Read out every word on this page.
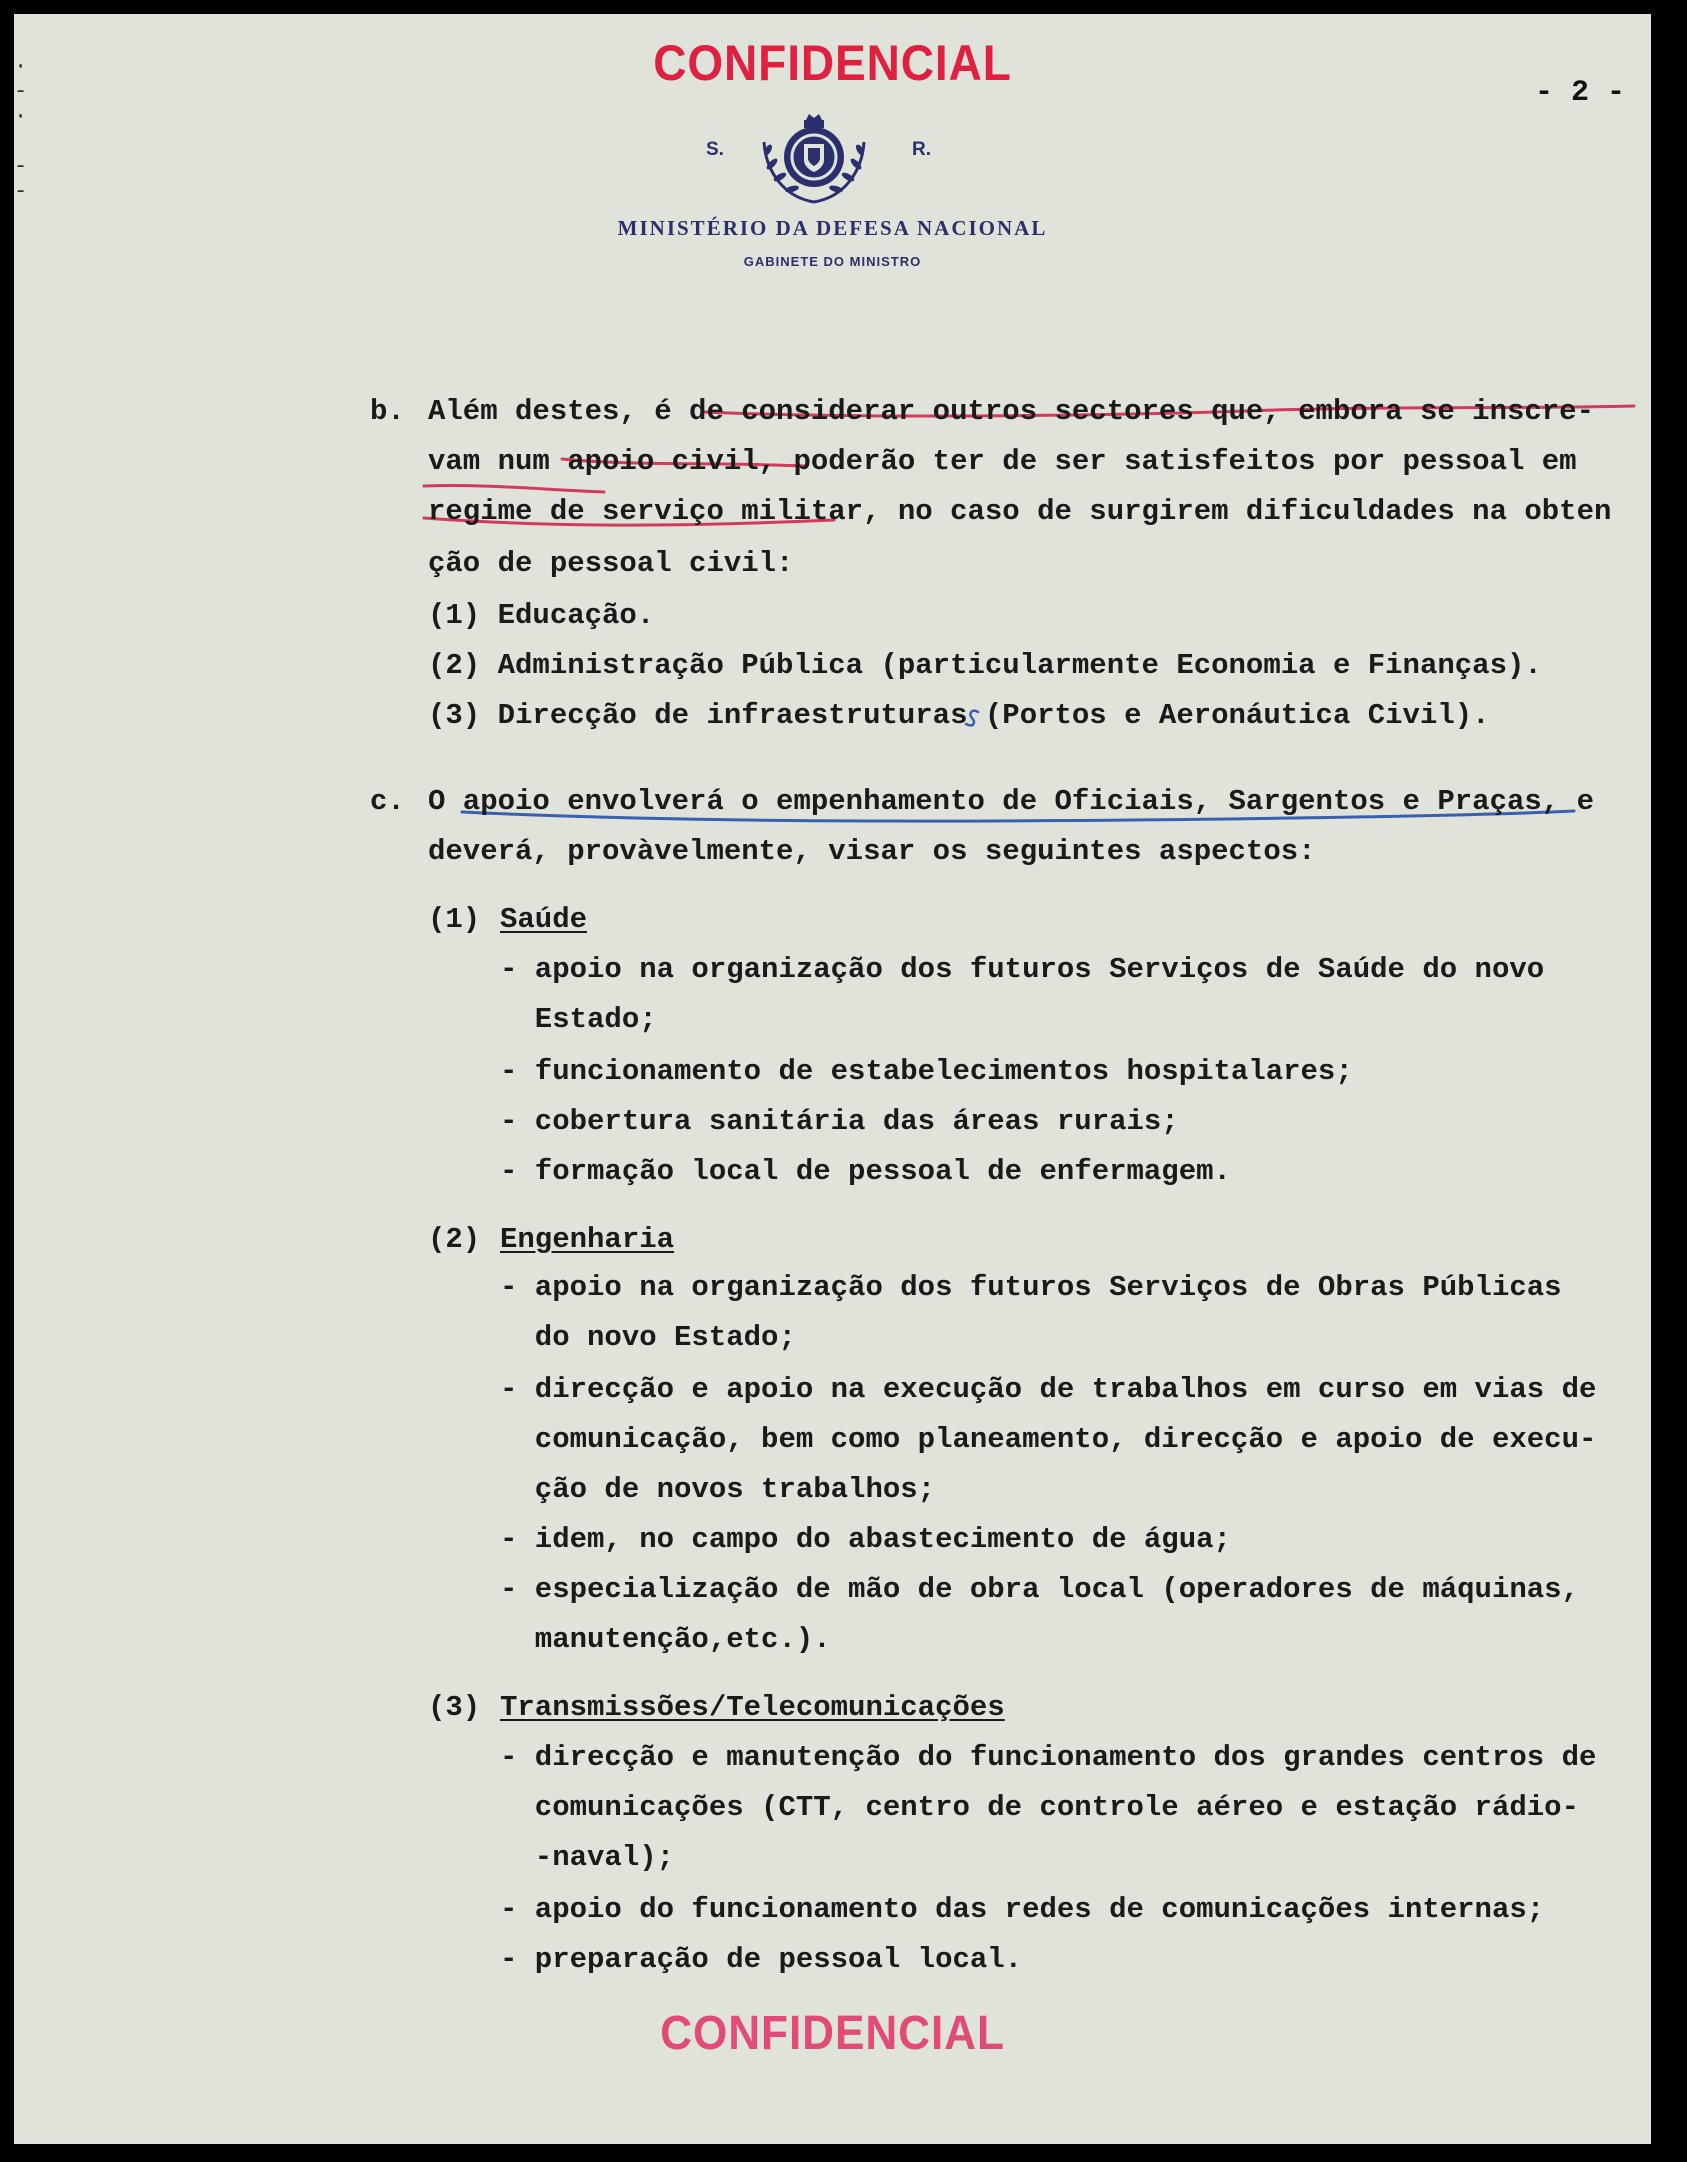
·
-
·

-
-
CONFIDENCIAL
- 2 -
S.	R.
MINISTÉRIO DA DEFESA NACIONAL
GABINETE DO MINISTRO
b. Além destes, é de considerar outros sectores que, embora se inscre-
vam num apoio civil, poderão ter de ser satisfeitos por pessoal em
regime de serviço militar, no caso de surgirem dificuldades na obten
ção de pessoal civil:
(1) Educação.
(2) Administração Pública (particularmente Economia e Finanças).
(3) Direcção de infraestruturas (Portos e Aeronáutica Civil).
c. O apoio envolverá o empenhamento de Oficiais, Sargentos e Praças, e
deverá, provàvelmente, visar os seguintes aspectos:
(1) Saúde
- apoio na organização dos futuros Serviços de Saúde do novo
Estado;
- funcionamento de estabelecimentos hospitalares;
- cobertura sanitária das áreas rurais;
- formação local de pessoal de enfermagem.
(2) Engenharia
- apoio na organização dos futuros Serviços de Obras Públicas
do novo Estado;
- direcção e apoio na execução de trabalhos em curso em vias de
comunicação, bem como planeamento, direcção e apoio de execu-
ção de novos trabalhos;
- idem, no campo do abastecimento de água;
- especialização de mão de obra local (operadores de máquinas,
manutenção,etc.).
(3) Transmissões/Telecomunicações
- direcção e manutenção do funcionamento dos grandes centros de
comunicações (CTT, centro de controle aéreo e estação rádio-
-naval);
- apoio do funcionamento das redes de comunicações internas;
- preparação de pessoal local.
CONFIDENCIAL
